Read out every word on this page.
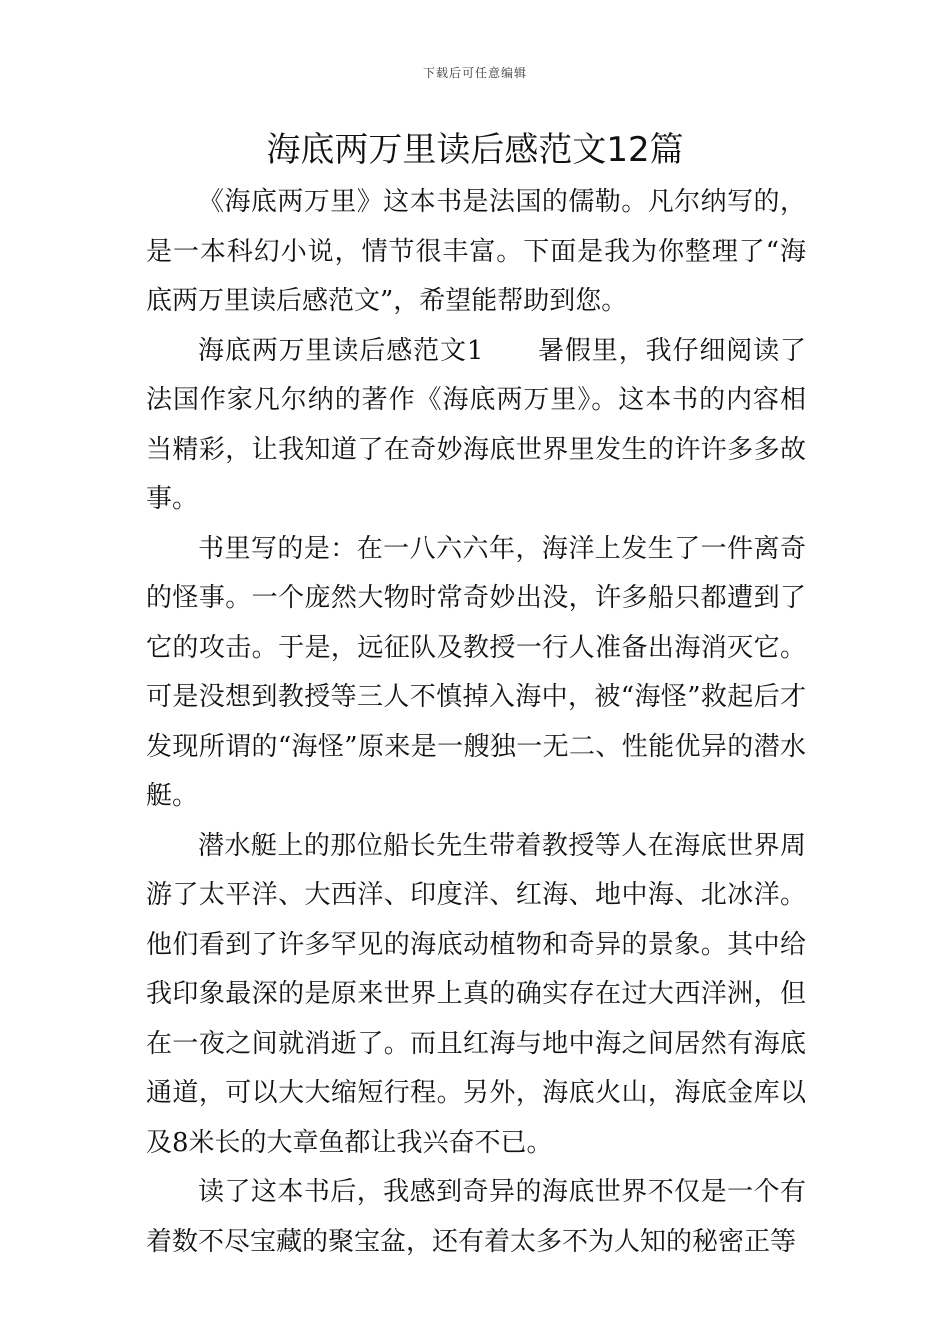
下载后可任意编辑
海底两万里读后感范文12篇

《海底两万里》这本书是法国的儒勒。凡尔纳写的，是一本科幻小说，情节很丰富。下面是我为你整理了“海底两万里读后感范文”，希望能帮助到您。

海底两万里读后感范文1　　暑假里，我仔细阅读了法国作家凡尔纳的著作《海底两万里》。这本书的内容相当精彩，让我知道了在奇妙海底世界里发生的许许多多故事。

书里写的是：在一八六六年，海洋上发生了一件离奇的怪事。一个庞然大物时常奇妙出没，许多船只都遭到了它的攻击。于是，远征队及教授一行人准备出海消灭它。可是没想到教授等三人不慎掉入海中，被“海怪”救起后才发现所谓的“海怪”原来是一艘独一无二、性能优异的潜水艇。

潜水艇上的那位船长先生带着教授等人在海底世界周游了太平洋、大西洋、印度洋、红海、地中海、北冰洋。他们看到了许多罕见的海底动植物和奇异的景象。其中给我印象最深的是原来世界上真的确实存在过大西洋洲，但在一夜之间就消逝了。而且红海与地中海之间居然有海底通道，可以大大缩短行程。另外，海底火山，海底金库以及8米长的大章鱼都让我兴奋不已。

读了这本书后，我感到奇异的海底世界不仅是一个有着数不尽宝藏的聚宝盆，还有着太多不为人知的秘密正等
